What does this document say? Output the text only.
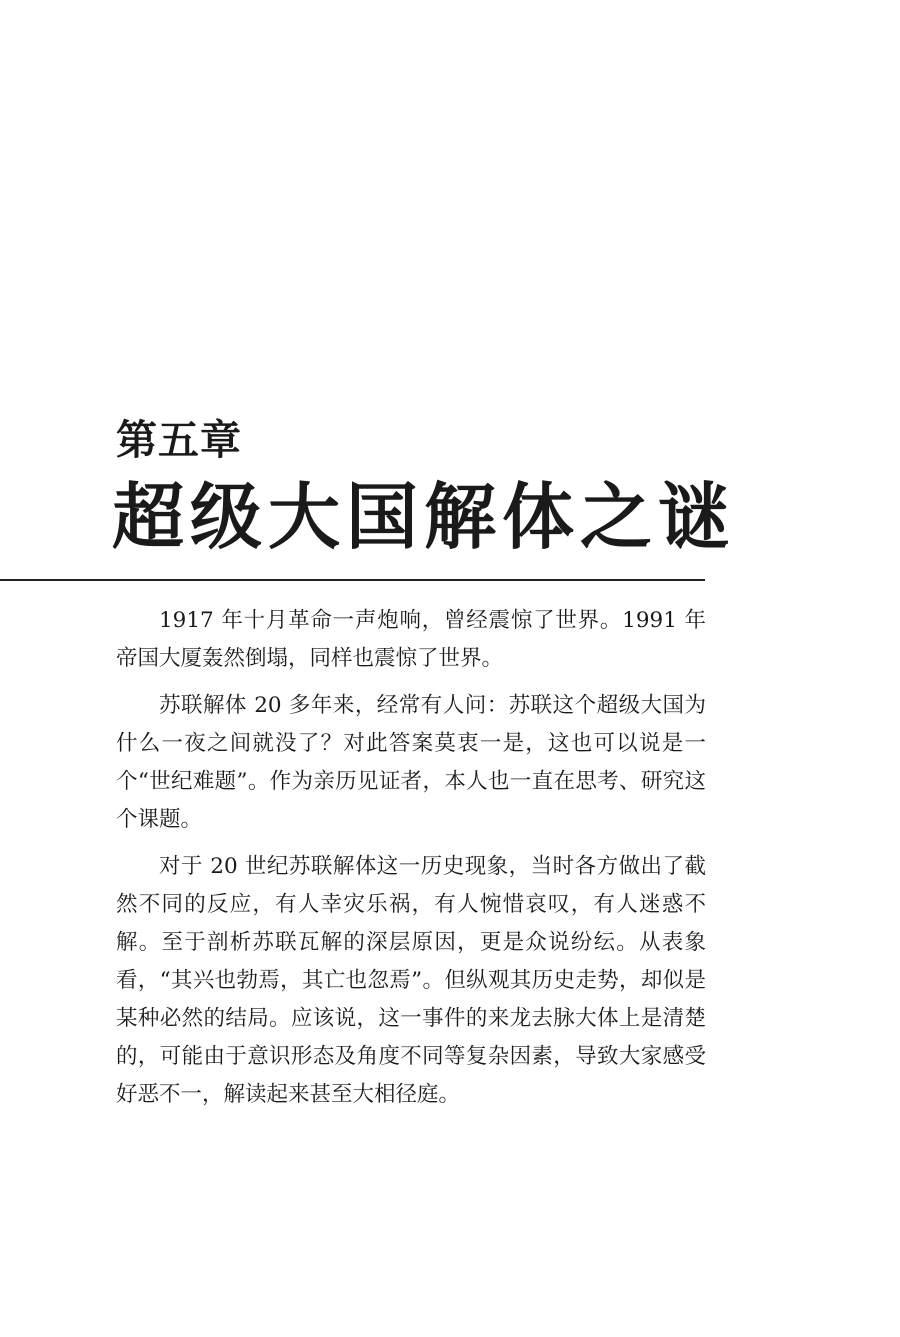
第五章
超级大国解体之谜

1917 年十月革命一声炮响，曾经震惊了世界。1991 年帝国大厦轰然倒塌，同样也震惊了世界。

苏联解体 20 多年来，经常有人问：苏联这个超级大国为什么一夜之间就没了？对此答案莫衷一是，这也可以说是一个“世纪难题”。作为亲历见证者，本人也一直在思考、研究这个课题。

对于 20 世纪苏联解体这一历史现象，当时各方做出了截然不同的反应，有人幸灾乐祸，有人惋惜哀叹，有人迷惑不解。至于剖析苏联瓦解的深层原因，更是众说纷纭。从表象看，“其兴也勃焉，其亡也忽焉”。但纵观其历史走势，却似是某种必然的结局。应该说，这一事件的来龙去脉大体上是清楚的，可能由于意识形态及角度不同等复杂因素，导致大家感受好恶不一，解读起来甚至大相径庭。
